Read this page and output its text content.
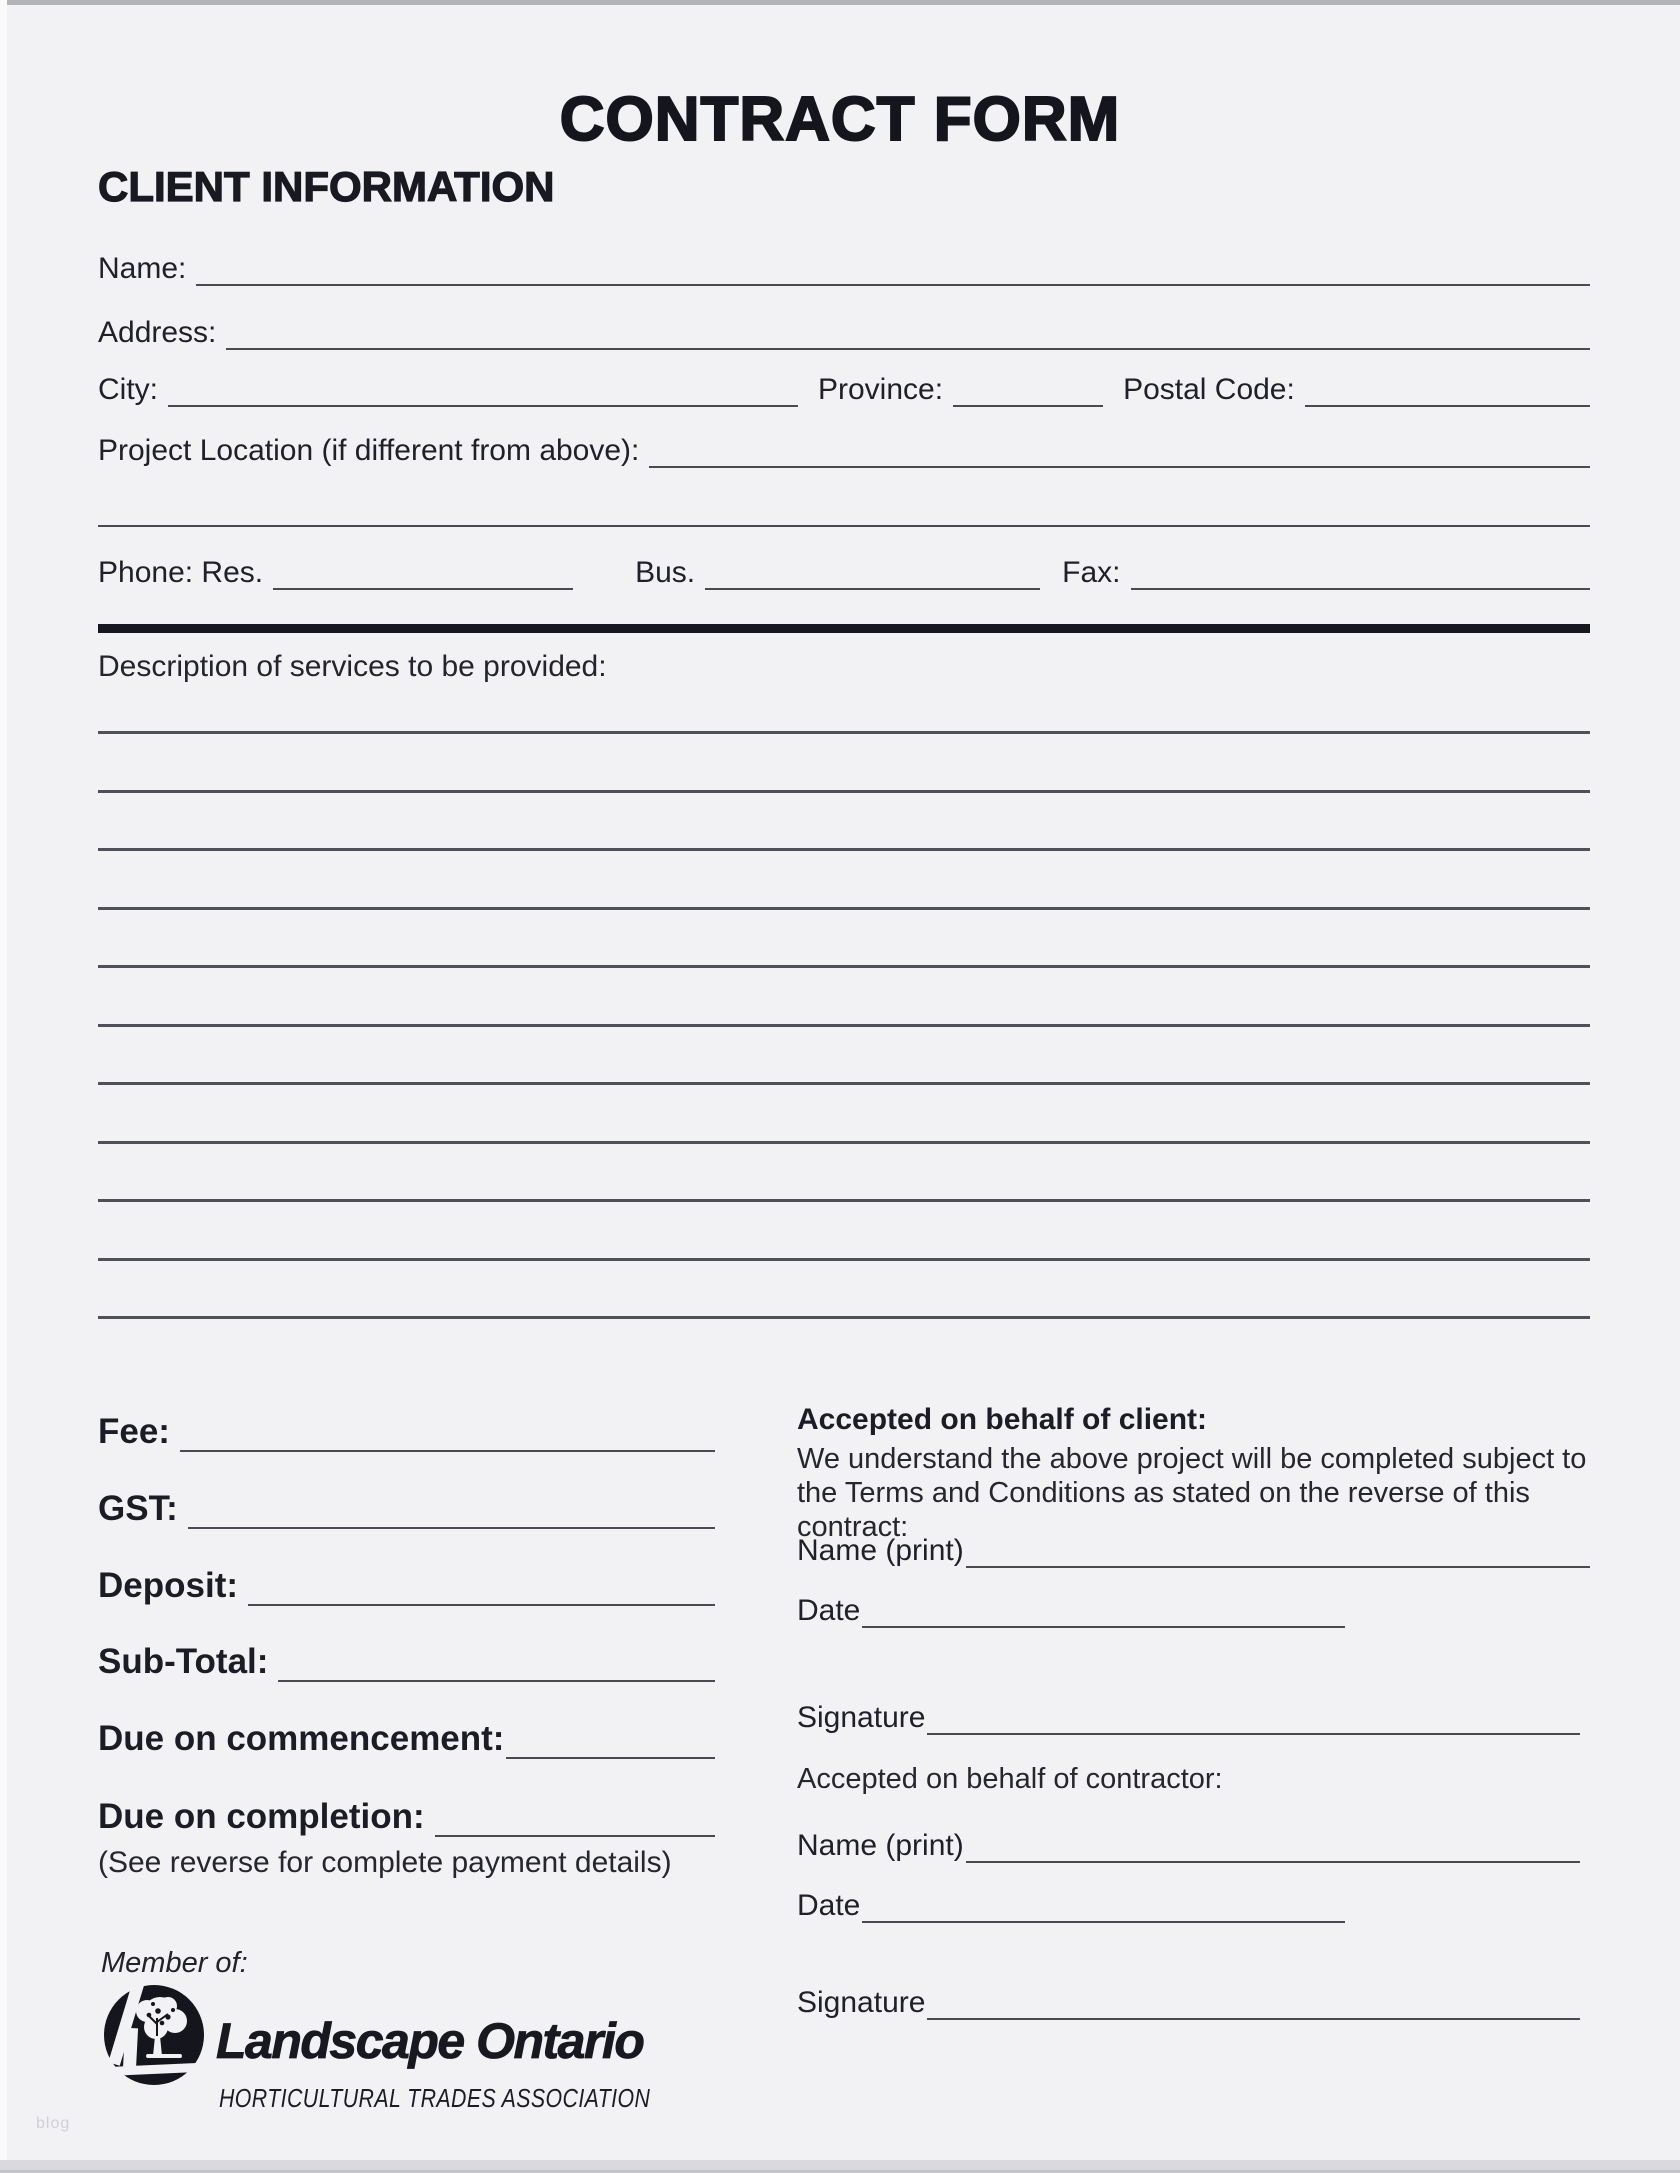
CONTRACT FORM
CLIENT INFORMATION
Name:
Address:
City:	Province:	Postal Code:
Project Location (if different from above):
Phone: Res.	Bus.	Fax:
Description of services to be provided:
Fee:
GST:
Deposit:
Sub-Total:
Due on commencement:
Due on completion:
(See reverse for complete payment details)
Member of:
Landscape Ontario
HORTICULTURAL TRADES ASSOCIATION
Accepted on behalf of client:
We understand the above project will be completed subject to the Terms and Conditions as stated on the reverse of this contract:
Name (print)
Date
Signature
Accepted on behalf of contractor:
Name (print)
Date
Signature
blog
